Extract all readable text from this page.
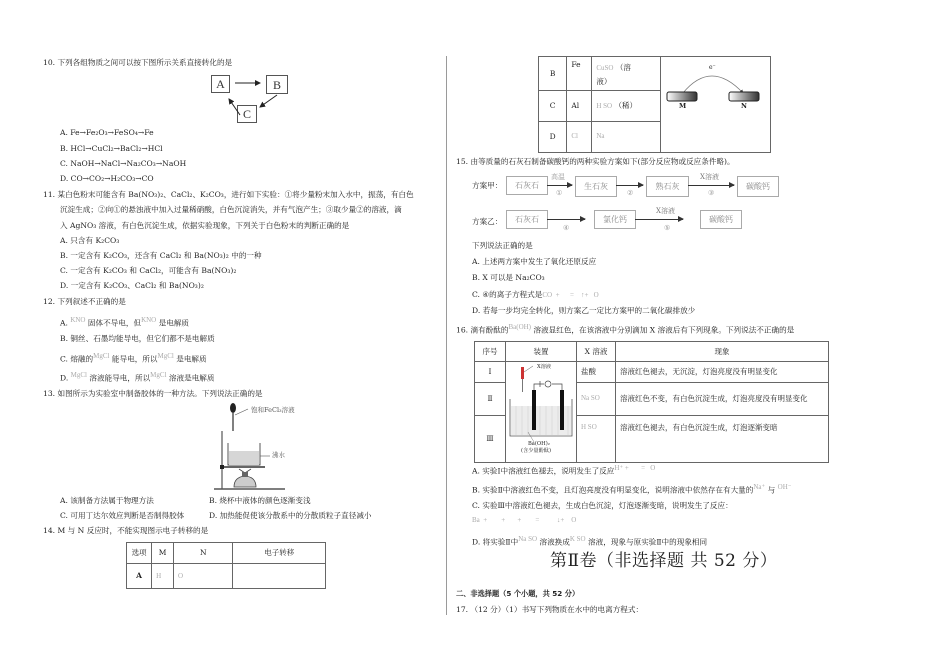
10. 下列各组物质之间可以按下图所示关系直接转化的是
A	B
C
A. Fe→Fe₂O₃→FeSO₄→Fe
B. HCl→CuCl₂→BaCl₂→HCl
C. NaOH→NaCl→Na₂CO₃→NaOH
D. CO→CO₂→H₂CO₃→CO
11. 某白色粉末可能含有 Ba(NO₃)₂、CaCl₂、K₂CO₃，进行如下实验：①将少量粉末加入水中，振荡，有白色
沉淀生成；②向①的悬浊液中加入过量稀硝酸，白色沉淀消失，并有气泡产生；③取少量②的溶液，滴
入 AgNO₃ 溶液，有白色沉淀生成，依据实验现象，下列关于白色粉末的判断正确的是
A. 只含有 K₂CO₃
B. 一定含有 K₂CO₃，还含有 CaCl₂ 和 Ba(NO₃)₂ 中的一种
C. 一定含有 K₂CO₃ 和 CaCl₂，可能含有 Ba(NO₃)₂
D. 一定含有 K₂CO₃、CaCl₂ 和 Ba(NO₃)₂
12. 下列叙述不正确的是
A. $^{KNO}$ 固体不导电，但$^{KNO}$ 是电解质
B. 铜丝、石墨均能导电，但它们都不是电解质
C. 熔融的$^{MgCl}$ 能导电，所以$^{MgCl}$ 是电解质
D. $^{MgCl}$ 溶液能导电，所以$^{MgCl}$ 溶液是电解质
13. 如图所示为实验室中制备胶体的一种方法。下列说法正确的是
饱和FeCl₃溶液
沸水
A. 该制备方法属于物理方法	B. 烧杯中液体的颜色逐渐变浅
C. 可用丁达尔效应判断是否制得胶体	D. 加热能促使该分散系中的分散质粒子直径减小
14. M 与 N 反应时，不能实现图示电子转移的是
选项	M	N	电子转移
A	H	O	
B	Fe	CuSO （溶
液）	
e⁻
M	N

C	Al	H SO （稀）	
D	Cl	Na	
15. 由等质量的石灰石制备碳酸钙的两种实验方案如下(部分反应物或反应条件略)。
方案甲：	石灰石
高温
①
生石灰
②
熟石灰
X溶液
③
碳酸钙
方案乙：	石灰石
④
氯化钙
X溶液
⑤
碳酸钙
下列说法正确的是
A. 上述两方案中发生了氧化还原反应
B. X 可以是 Na₂CO₃
C. ④的离子方程式是CO  +      =    ↑+   O
D. 若每一步均完全转化，则方案乙一定比方案甲的二氧化碳排放少
16. 滴有酚酞的$^{Ba(OH)}$ 溶液显红色，在该溶液中分别滴加 X 溶液后有下列现象。下列说法不正确的是
序号	装置	X 溶液	现象
Ⅰ	X溶液
Ba(OH)₂
(含少量酚酞)	盐酸	溶液红色褪去，无沉淀，灯泡亮度没有明显变化
Ⅱ		Na SO	溶液红色不变，有白色沉淀生成，灯泡亮度没有明显变化
Ⅲ		H SO	溶液红色褪去，有白色沉淀生成，灯泡逐渐变暗
A. 实验Ⅰ中溶液红色褪去，说明发生了反应$^{H^+ + = O}$
B. 实验Ⅱ中溶液红色不变，且灯泡亮度没有明显变化，说明溶液中依然存在有大量的$^{Na^+}$ 与 $^{OH^-}$
C. 实验Ⅲ中溶液红色褪去，生成白色沉淀，灯泡逐渐变暗，说明发生了反应：
Ba  +        +       +        =          ↓+    O
D. 将实验Ⅱ中$^{Na SO}$ 溶液换成$^{K SO}$ 溶液，现象与原实验Ⅱ中的现象相同
第Ⅱ卷（非选择题 共 52 分）
二、非选择题（5 个小题，共 52 分）
17. （12 分）（1）书写下列物质在水中的电离方程式：
